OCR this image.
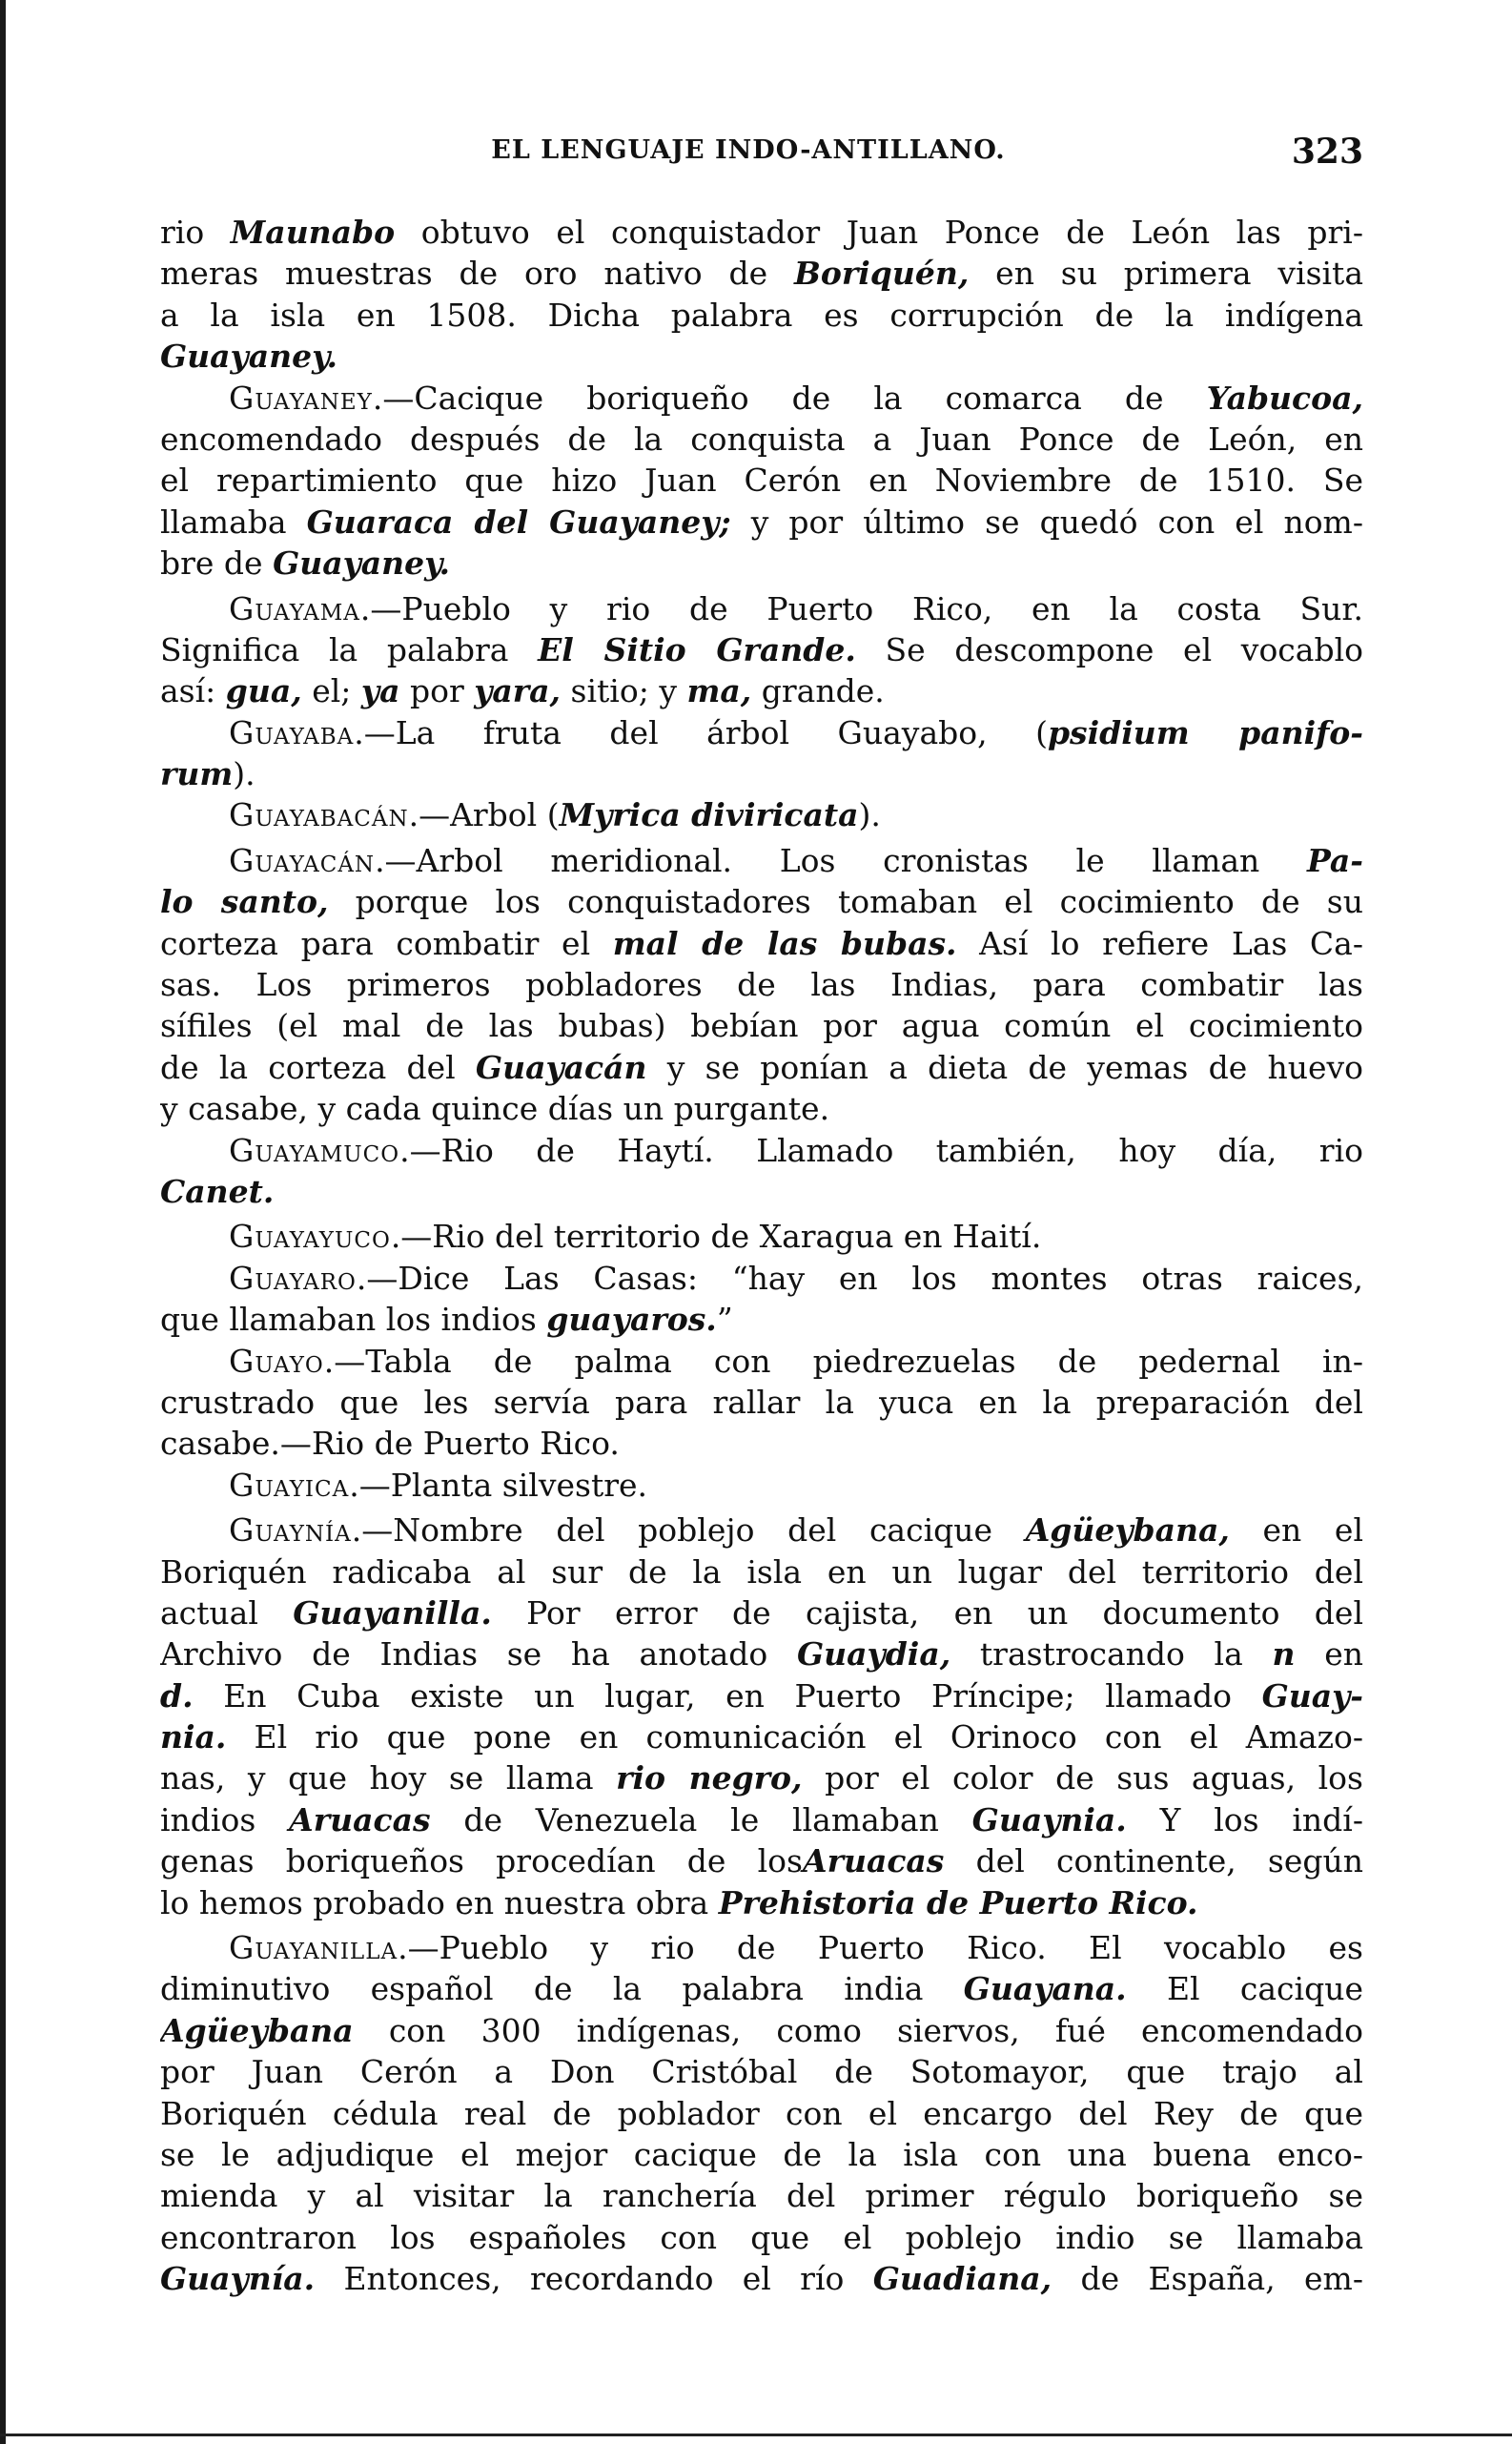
EL LENGUAJE INDO-ANTILLANO.	323
rio Maunabo obtuvo el conquistador Juan Ponce de León las pri-
meras muestras de oro nativo de Boriquén, en su primera visita
a la isla en 1508. Dicha palabra es corrupción de la indígena
Guayaney.
Guayaney.—Cacique boriqueño de la comarca de Yabucoa,
encomendado después de la conquista a Juan Ponce de León, en
el repartimiento que hizo Juan Cerón en Noviembre de 1510. Se
llamaba Guaraca del Guayaney; y por último se quedó con el nom-
bre de Guayaney.
Guayama.—Pueblo y rio de Puerto Rico, en la costa Sur.
Significa la palabra El Sitio Grande. Se descompone el vocablo
así: gua, el; ya por yara, sitio; y ma, grande.
Guayaba.—La fruta del árbol Guayabo, (psidium panifo-
rum).
Guayabacán.—Arbol (Myrica diviricata).
Guayacán.—Arbol meridional. Los cronistas le llaman Pa-
lo santo, porque los conquistadores tomaban el cocimiento de su
corteza para combatir el mal de las bubas. Así lo refiere Las Ca-
sas. Los primeros pobladores de las Indias, para combatir las
sífiles (el mal de las bubas) bebían por agua común el cocimiento
de la corteza del Guayacán y se ponían a dieta de yemas de huevo
y casabe, y cada quince días un purgante.
Guayamuco.—Rio de Haytí. Llamado también, hoy día, rio
Canet.
Guayayuco.—Rio del territorio de Xaragua en Haití.
Guayaro.—Dice Las Casas: “hay en los montes otras raices,
que llamaban los indios guayaros.”
Guayo.—Tabla de palma con piedrezuelas de pedernal in-
crustrado que les servía para rallar la yuca en la preparación del
casabe.—Rio de Puerto Rico.
Guayica.—Planta silvestre.
Guaynía.—Nombre del poblejo del cacique Agüeybana, en el
Boriquén radicaba al sur de la isla en un lugar del territorio del
actual Guayanilla. Por error de cajista, en un documento del
Archivo de Indias se ha anotado Guaydia, trastrocando la n en
d. En Cuba existe un lugar, en Puerto Príncipe; llamado Guay-
nia. El rio que pone en comunicación el Orinoco con el Amazo-
nas, y que hoy se llama rio negro, por el color de sus aguas, los
indios Aruacas de Venezuela le llamaban Guaynia. Y los indí-
genas boriqueños procedían de losAruacas del continente, según
lo hemos probado en nuestra obra Prehistoria de Puerto Rico.
Guayanilla.—Pueblo y rio de Puerto Rico. El vocablo es
diminutivo español de la palabra india Guayana. El cacique
Agüeybana con 300 indígenas, como siervos, fué encomendado
por Juan Cerón a Don Cristóbal de Sotomayor, que trajo al
Boriquén cédula real de poblador con el encargo del Rey de que
se le adjudique el mejor cacique de la isla con una buena enco-
mienda y al visitar la ranchería del primer régulo boriqueño se
encontraron los españoles con que el poblejo indio se llamaba
Guaynía. Entonces, recordando el río Guadiana, de España, em-
